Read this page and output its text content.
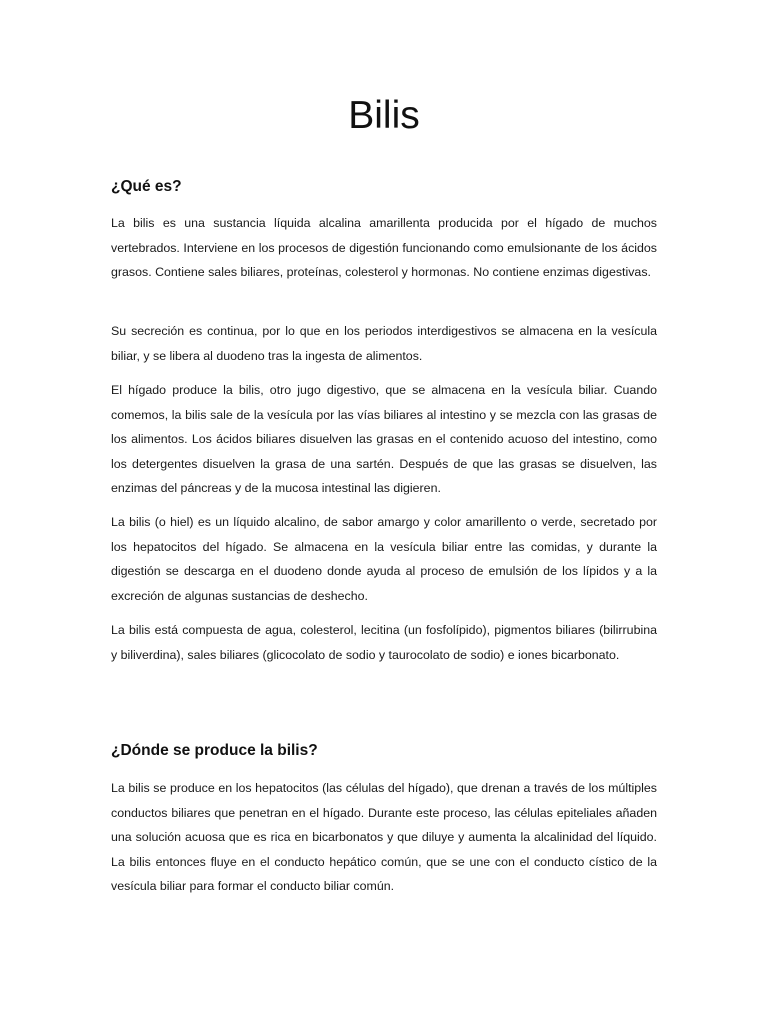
Bilis
¿Qué es?

La bilis es una sustancia líquida alcalina amarillenta producida por el hígado de muchos vertebrados. Interviene en los procesos de digestión funcionando como emulsionante de los ácidos grasos. Contiene sales biliares, proteínas, colesterol y hormonas. No contiene enzimas digestivas.

Su secreción es continua, por lo que en los periodos interdigestivos se almacena en la vesícula biliar, y se libera al duodeno tras la ingesta de alimentos.

El hígado produce la bilis, otro jugo digestivo, que se almacena en la vesícula biliar. Cuando comemos, la bilis sale de la vesícula por las vías biliares al intestino y se mezcla con las grasas de los alimentos. Los ácidos biliares disuelven las grasas en el contenido acuoso del intestino, como los detergentes disuelven la grasa de una sartén. Después de que las grasas se disuelven, las enzimas del páncreas y de la mucosa intestinal las digieren.

La bilis (o hiel) es un líquido alcalino, de sabor amargo y color amarillento o verde, secretado por los hepatocitos del hígado. Se almacena en la vesícula biliar entre las comidas, y durante la digestión se descarga en el duodeno donde ayuda al proceso de emulsión de los lípidos y a la excreción de algunas sustancias de deshecho.

La bilis está compuesta de agua, colesterol, lecitina (un fosfolípido), pigmentos biliares (bilirrubina y biliverdina), sales biliares (glicocolato de sodio y taurocolato de sodio) e iones bicarbonato.

¿Dónde se produce la bilis?

La bilis se produce en los hepatocitos (las células del hígado), que drenan a través de los múltiples conductos biliares que penetran en el hígado. Durante este proceso, las células epiteliales añaden una solución acuosa que es rica en bicarbonatos y que diluye y aumenta la alcalinidad del líquido. La bilis entonces fluye en el conducto hepático común, que se une con el conducto cístico de la vesícula biliar para formar el conducto biliar común.
